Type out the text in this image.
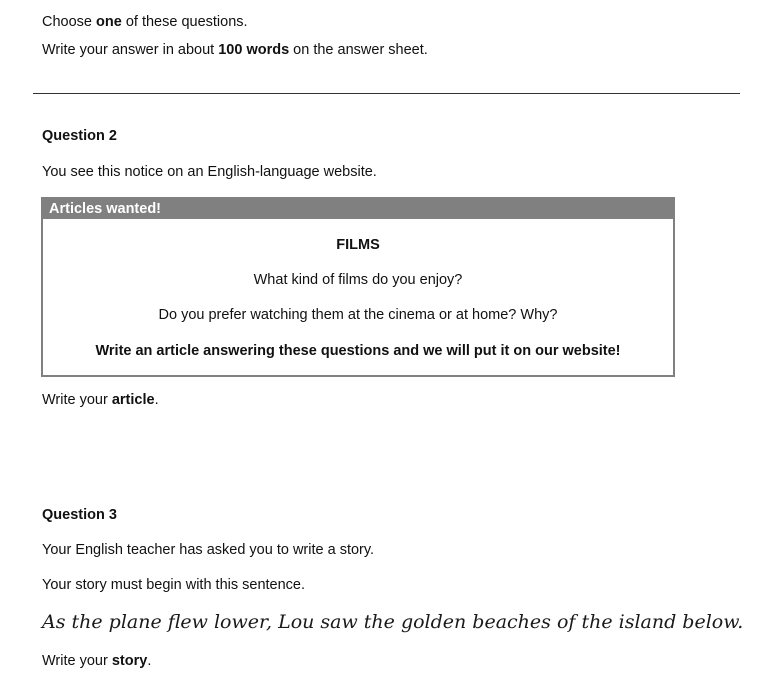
Choose one of these questions.
Write your answer in about 100 words on the answer sheet.
Question 2
You see this notice on an English-language website.
Articles wanted!
FILMS
What kind of films do you enjoy?
Do you prefer watching them at the cinema or at home? Why?
Write an article answering these questions and we will put it on our website!
Write your article.
Question 3
Your English teacher has asked you to write a story.
Your story must begin with this sentence.
As the plane flew lower, Lou saw the golden beaches of the island below.
Write your story.
